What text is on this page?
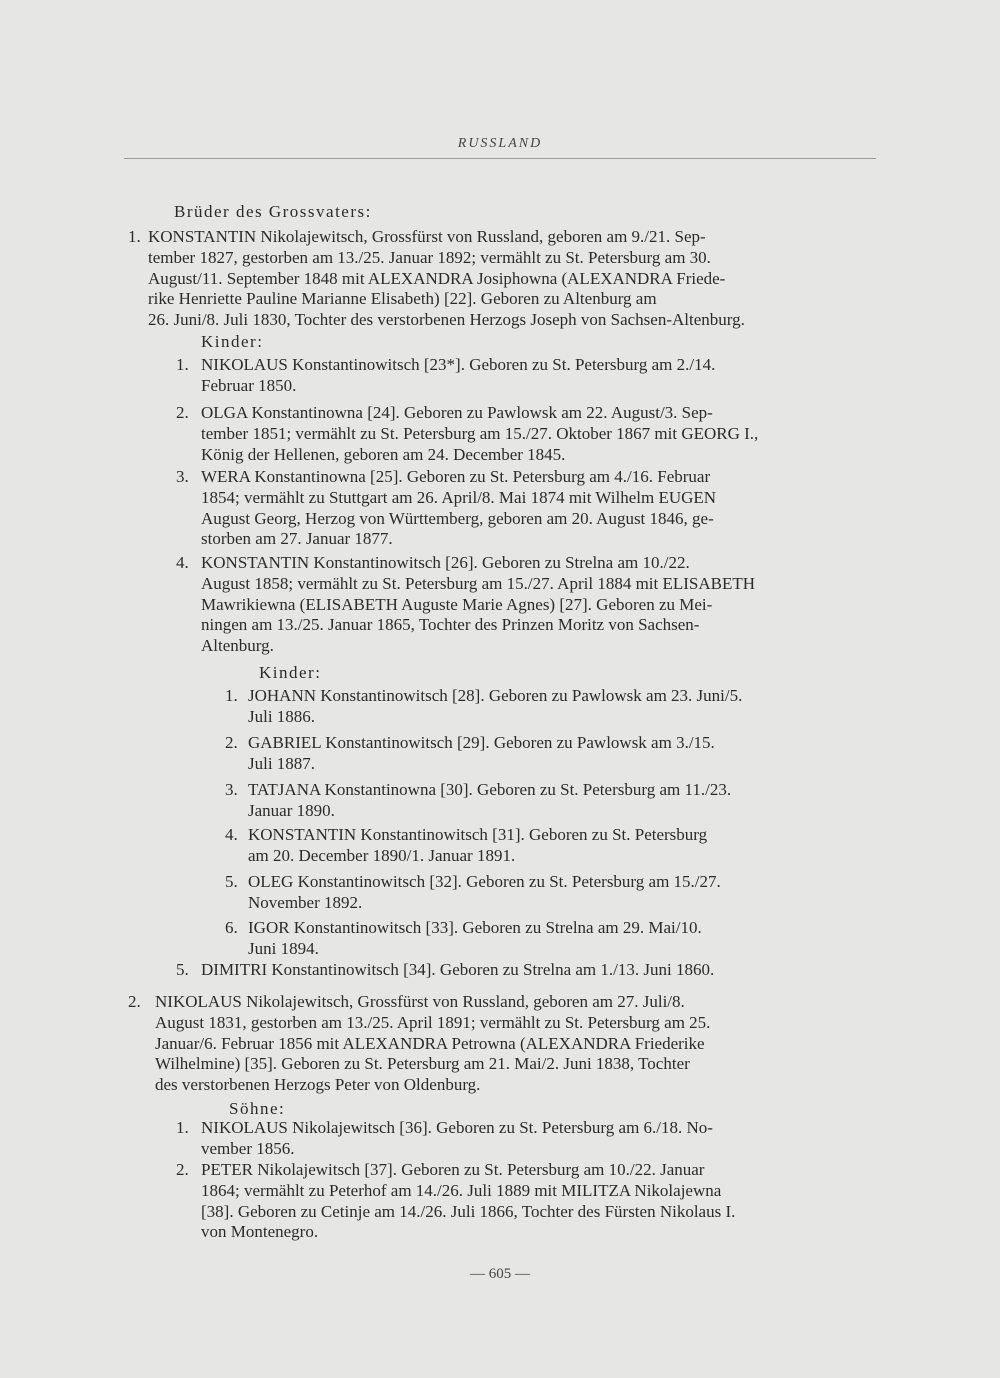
RUSSLAND
Brüder des Grossvaters:
1. KONSTANTIN Nikolajewitsch, Grossfürst von Russland, geboren am 9./21. Sep-

tember 1827, gestorben am 13./25. Januar 1892; vermählt zu St. Petersburg am 30.

August/11. September 1848 mit ALEXANDRA Josiphowna (ALEXANDRA Friede-

rike Henriette Pauline Marianne Elisabeth) [22]. Geboren zu Altenburg am

26. Juni/8. Juli 1830, Tochter des verstorbenen Herzogs Joseph von Sachsen-Altenburg.

Kinder:
1. NIKOLAUS Konstantinowitsch [23*]. Geboren zu St. Petersburg am 2./14.

Februar 1850.

2. OLGA Konstantinowna [24]. Geboren zu Pawlowsk am 22. August/3. Sep-

tember 1851; vermählt zu St. Petersburg am 15./27. Oktober 1867 mit GEORG I.,

König der Hellenen, geboren am 24. December 1845.

3. WERA Konstantinowna [25]. Geboren zu St. Petersburg am 4./16. Februar

1854; vermählt zu Stuttgart am 26. April/8. Mai 1874 mit Wilhelm EUGEN

August Georg, Herzog von Württemberg, geboren am 20. August 1846, ge-

storben am 27. Januar 1877.

4. KONSTANTIN Konstantinowitsch [26]. Geboren zu Strelna am 10./22.

August 1858; vermählt zu St. Petersburg am 15./27. April 1884 mit ELISABETH

Mawrikiewna (ELISABETH Auguste Marie Agnes) [27]. Geboren zu Mei-

ningen am 13./25. Januar 1865, Tochter des Prinzen Moritz von Sachsen-

Altenburg.

Kinder:
1. JOHANN Konstantinowitsch [28]. Geboren zu Pawlowsk am 23. Juni/5.

Juli 1886.

2. GABRIEL Konstantinowitsch [29]. Geboren zu Pawlowsk am 3./15.

Juli 1887.

3. TATJANA Konstantinowna [30]. Geboren zu St. Petersburg am 11./23.

Januar 1890.

4. KONSTANTIN Konstantinowitsch [31]. Geboren zu St. Petersburg

am 20. December 1890/1. Januar 1891.

5. OLEG Konstantinowitsch [32]. Geboren zu St. Petersburg am 15./27.

November 1892.

6. IGOR Konstantinowitsch [33]. Geboren zu Strelna am 29. Mai/10.

Juni 1894.

5. DIMITRI Konstantinowitsch [34]. Geboren zu Strelna am 1./13. Juni 1860.

2. NIKOLAUS Nikolajewitsch, Grossfürst von Russland, geboren am 27. Juli/8.

August 1831, gestorben am 13./25. April 1891; vermählt zu St. Petersburg am 25.

Januar/6. Februar 1856 mit ALEXANDRA Petrowna (ALEXANDRA Friederike

Wilhelmine) [35]. Geboren zu St. Petersburg am 21. Mai/2. Juni 1838, Tochter

des verstorbenen Herzogs Peter von Oldenburg.

Söhne:
1. NIKOLAUS Nikolajewitsch [36]. Geboren zu St. Petersburg am 6./18. No-

vember 1856.

2. PETER Nikolajewitsch [37]. Geboren zu St. Petersburg am 10./22. Januar

1864; vermählt zu Peterhof am 14./26. Juli 1889 mit MILITZA Nikolajewna

[38]. Geboren zu Cetinje am 14./26. Juli 1866, Tochter des Fürsten Nikolaus I.

von Montenegro.

— 605 —
